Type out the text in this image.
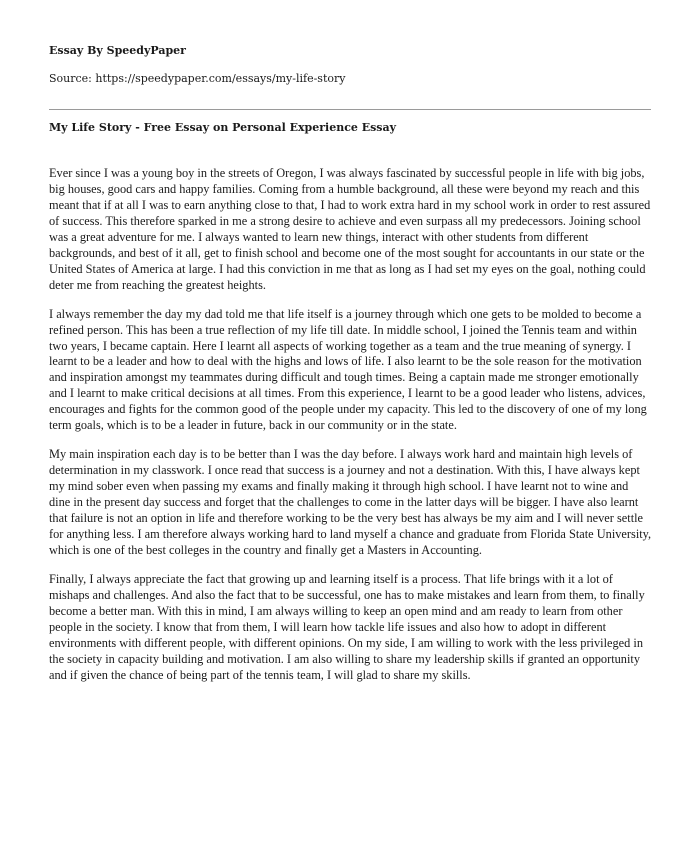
Essay By SpeedyPaper
Source: https://speedypaper.com/essays/my-life-story
My Life Story - Free Essay on Personal Experience Essay

Ever since I was a young boy in the streets of Oregon, I was always fascinated by successful people in life with big jobs, big houses, good cars and happy families. Coming from a humble background, all these were beyond my reach and this meant that if at all I was to earn anything close to that, I had to work extra hard in my school work in order to rest assured of success. This therefore sparked in me a strong desire to achieve and even surpass all my predecessors. Joining school was a great adventure for me. I always wanted to learn new things, interact with other students from different backgrounds, and best of it all, get to finish school and become one of the most sought for accountants in our state or the United States of America at large. I had this conviction in me that as long as I had set my eyes on the goal, nothing could deter me from reaching the greatest heights.

I always remember the day my dad told me that life itself is a journey through which one gets to be molded to become a refined person. This has been a true reflection of my life till date. In middle school, I joined the Tennis team and within two years, I became captain. Here I learnt all aspects of working together as a team and the true meaning of synergy. I learnt to be a leader and how to deal with the highs and lows of life. I also learnt to be the sole reason for the motivation and inspiration amongst my teammates during difficult and tough times. Being a captain made me stronger emotionally and I learnt to make critical decisions at all times. From this experience, I learnt to be a good leader who listens, advices, encourages and fights for the common good of the people under my capacity. This led to the discovery of one of my long term goals, which is to be a leader in future, back in our community or in the state.

My main inspiration each day is to be better than I was the day before. I always work hard and maintain high levels of determination in my classwork. I once read that success is a journey and not a destination. With this, I have always kept my mind sober even when passing my exams and finally making it through high school. I have learnt not to wine and dine in the present day success and forget that the challenges to come in the latter days will be bigger. I have also learnt that failure is not an option in life and therefore working to be the very best has always be my aim and I will never settle for anything less. I am therefore always working hard to land myself a chance and graduate from Florida State University, which is one of the best colleges in the country and finally get a Masters in Accounting.

Finally, I always appreciate the fact that growing up and learning itself is a process. That life brings with it a lot of mishaps and challenges. And also the fact that to be successful, one has to make mistakes and learn from them, to finally become a better man. With this in mind, I am always willing to keep an open mind and am ready to learn from other people in the society. I know that from them, I will learn how tackle life issues and also how to adopt in different environments with different people, with different opinions. On my side, I am willing to work with the less privileged in the society in capacity building and motivation. I am also willing to share my leadership skills if granted an opportunity and if given the chance of being part of the tennis team, I will glad to share my skills.
